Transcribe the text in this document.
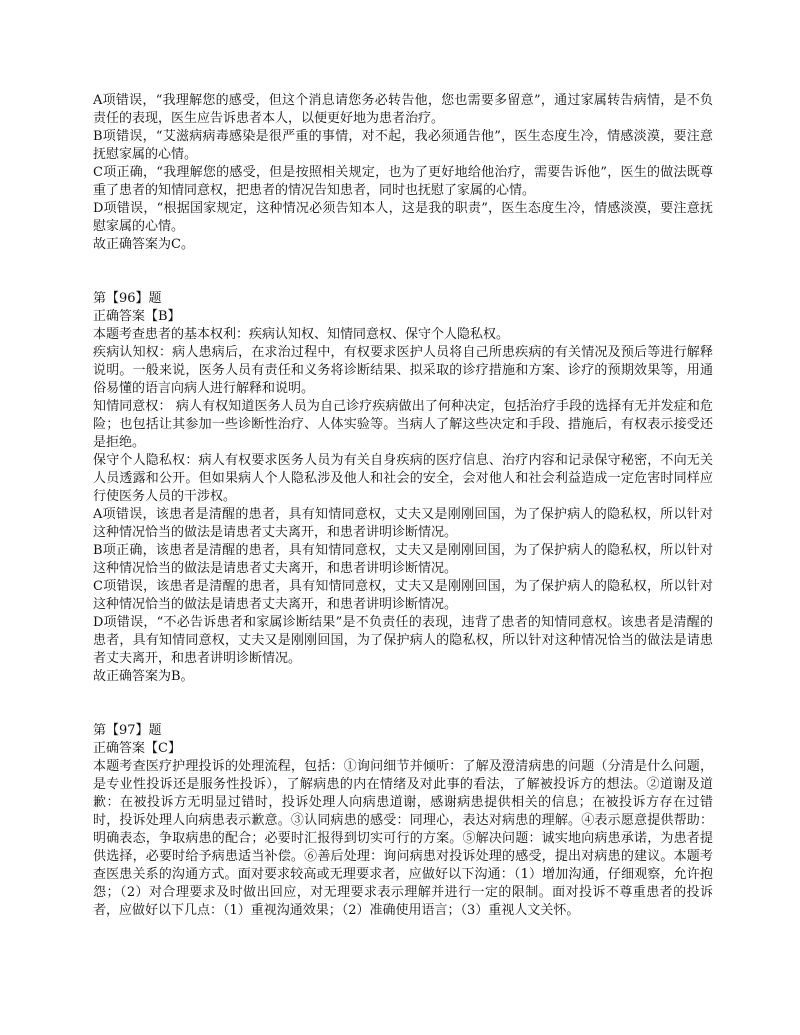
A项错误，“我理解您的感受，但这个消息请您务必转告他，您也需要多留意”，通过家属转告病情，是不负责任的表现，医生应告诉患者本人，以便更好地为患者治疗。

B项错误，“艾滋病病毒感染是很严重的事情，对不起，我必须通告他”，医生态度生冷，情感淡漠，要注意抚慰家属的心情。

C项正确，“我理解您的感受，但是按照相关规定，也为了更好地给他治疗，需要告诉他”，医生的做法既尊重了患者的知情同意权，把患者的情况告知患者，同时也抚慰了家属的心情。

D项错误，“根据国家规定，这种情况必须告知本人，这是我的职责”，医生态度生冷，情感淡漠，要注意抚慰家属的心情。

故正确答案为C。

第【96】题

正确答案【B】

本题考查患者的基本权利：疾病认知权、知情同意权、保守个人隐私权。

疾病认知权：病人患病后，在求治过程中，有权要求医护人员将自己所患疾病的有关情况及预后等进行解释说明。一般来说，医务人员有责任和义务将诊断结果、拟采取的诊疗措施和方案、诊疗的预期效果等，用通俗易懂的语言向病人进行解释和说明。

知情同意权： 病人有权知道医务人员为自己诊疗疾病做出了何种决定，包括治疗手段的选择有无并发症和危险；也包括让其参加一些诊断性治疗、人体实验等。当病人了解这些决定和手段、措施后，有权表示接受还是拒绝。

保守个人隐私权：病人有权要求医务人员为有关自身疾病的医疗信息、治疗内容和记录保守秘密，不向无关人员透露和公开。但如果病人个人隐私涉及他人和社会的安全，会对他人和社会利益造成一定危害时同样应行使医务人员的干涉权。

A项错误，该患者是清醒的患者，具有知情同意权，丈夫又是刚刚回国，为了保护病人的隐私权，所以针对这种情况恰当的做法是请患者丈夫离开，和患者讲明诊断情况。

B项正确，该患者是清醒的患者，具有知情同意权，丈夫又是刚刚回国，为了保护病人的隐私权，所以针对这种情况恰当的做法是请患者丈夫离开，和患者讲明诊断情况。

C项错误，该患者是清醒的患者，具有知情同意权，丈夫又是刚刚回国，为了保护病人的隐私权，所以针对这种情况恰当的做法是请患者丈夫离开，和患者讲明诊断情况。

D项错误，“不必告诉患者和家属诊断结果”是不负责任的表现，违背了患者的知情同意权。该患者是清醒的患者，具有知情同意权，丈夫又是刚刚回国，为了保护病人的隐私权，所以针对这种情况恰当的做法是请患者丈夫离开，和患者讲明诊断情况。

故正确答案为B。

第【97】题

正确答案【C】

本题考查医疗护理投诉的处理流程，包括：①询问细节并倾听：了解及澄清病患的问题（分清是什么问题，是专业性投诉还是服务性投诉），了解病患的内在情绪及对此事的看法，了解被投诉方的想法。②道谢及道歉：在被投诉方无明显过错时，投诉处理人向病患道谢，感谢病患提供相关的信息；在被投诉方存在过错时，投诉处理人向病患表示歉意。③认同病患的感受：同理心，表达对病患的理解。④表示愿意提供帮助：明确表态，争取病患的配合；必要时汇报得到切实可行的方案。⑤解决问题：诚实地向病患承诺，为患者提供选择，必要时给予病患适当补偿。⑥善后处理：询问病患对投诉处理的感受，提出对病患的建议。本题考查医患关系的沟通方式。面对要求较高或无理要求者，应做好以下沟通：（1）增加沟通，仔细观察，允许抱怨；（2）对合理要求及时做出回应，对无理要求表示理解并进行一定的限制。面对投诉不尊重患者的投诉者，应做好以下几点：（1）重视沟通效果；（2）准确使用语言；（3）重视人文关怀。
